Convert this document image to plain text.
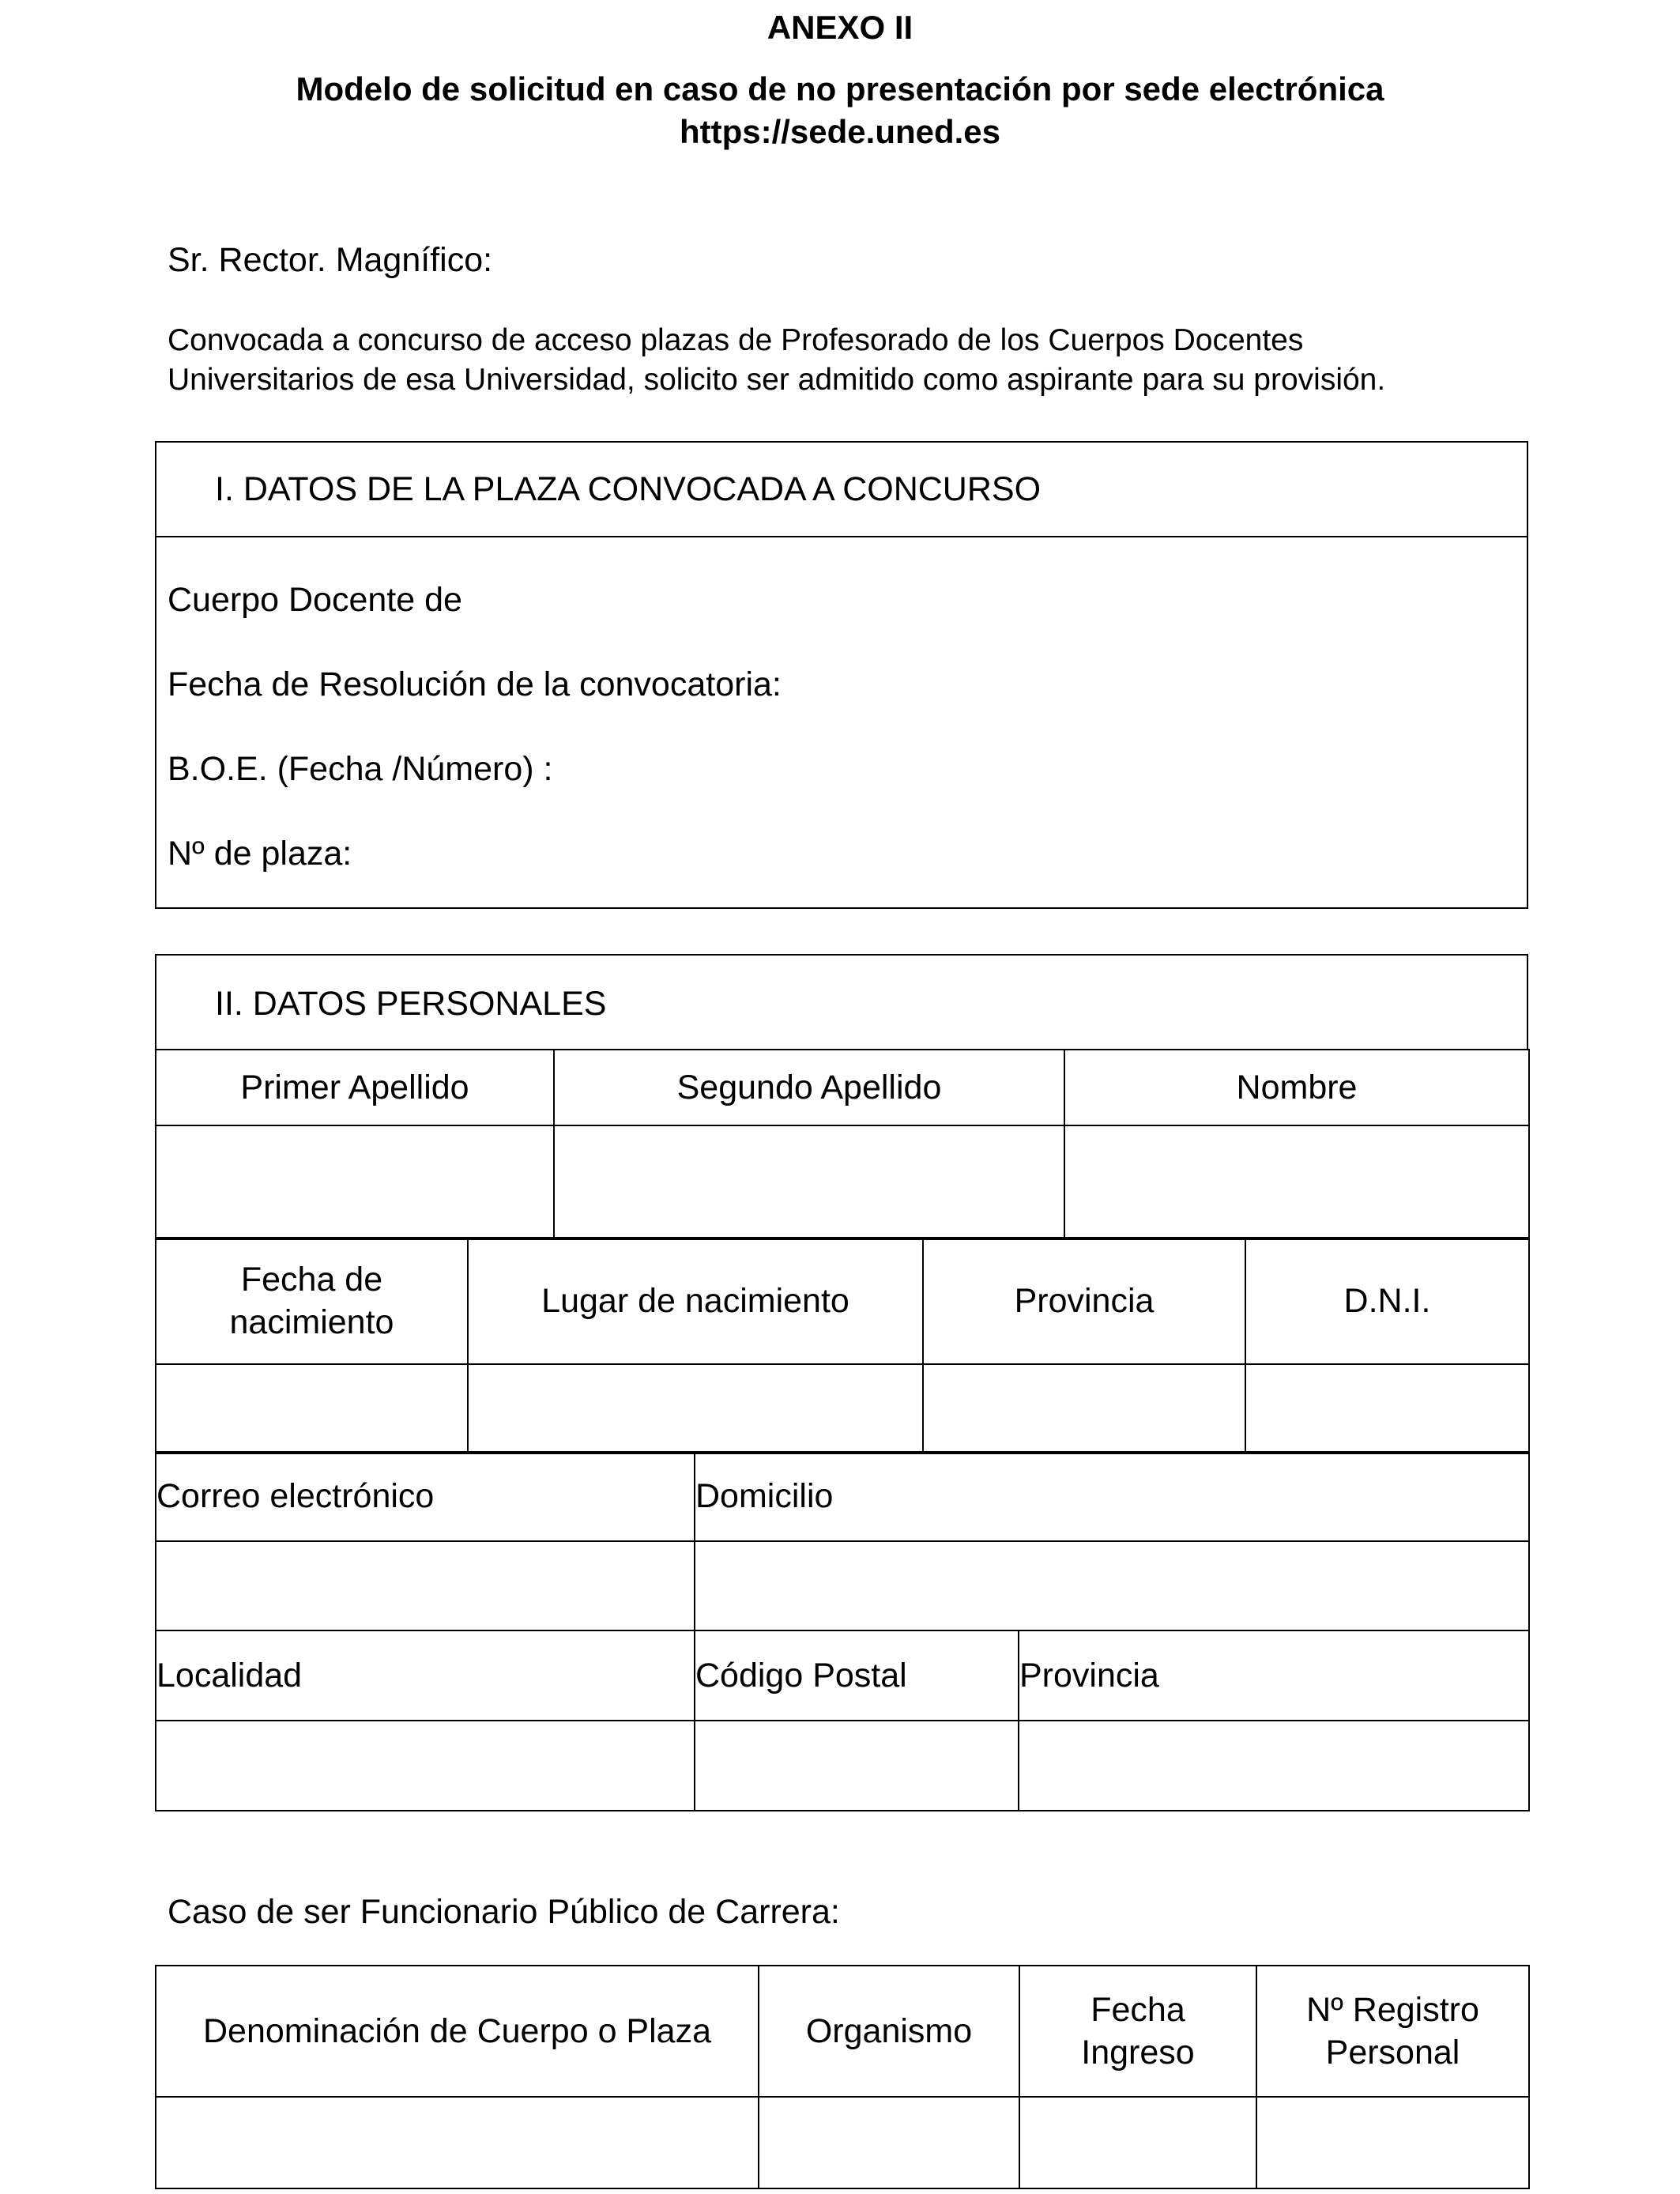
ANEXO II
Modelo de solicitud en caso de no presentación por sede electrónica
https://sede.uned.es
Sr. Rector. Magnífico:
Convocada a concurso de acceso plazas de Profesorado de los Cuerpos Docentes
Universitarios de esa Universidad, solicito ser admitido como aspirante para su provisión.
I. DATOS DE LA PLAZA CONVOCADA A CONCURSO
Cuerpo Docente de
Fecha de Resolución de la convocatoria:
B.O.E. (Fecha /Número) :
Nº de plaza:
II. DATOS PERSONALES
Primer Apellido	Segundo Apellido	Nombre

Fecha de nacimiento	Lugar de nacimiento	Provincia	D.N.I.

Correo electrónico	Domicilio

Localidad	Código Postal	Provincia

Caso de ser Funcionario Público de Carrera:
Denominación de Cuerpo o Plaza	Organismo	Fecha Ingreso	Nº Registro Personal
